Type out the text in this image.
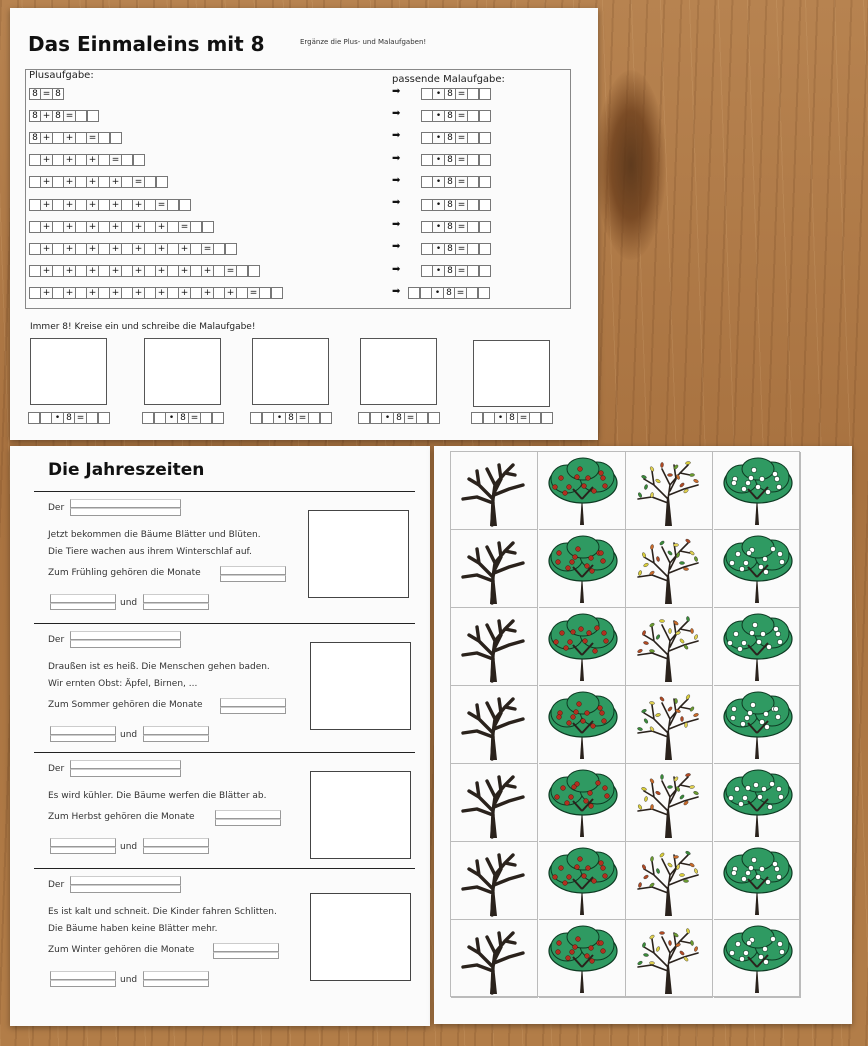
Das Einmaleins mit 8	Ergänze die Plus- und Malaufgaben!
Plusaufgabe:	passende Malaufgabe:
8 = 8	➡	• 8 =
8 + 8 =	➡	• 8 =
8 + + =	➡	• 8 =
+ + + =	➡	• 8 =
+ + + + =	➡	• 8 =
+ + + + + =	➡	• 8 =
+ + + + + + =	➡	• 8 =
+ + + + + + + =	➡	• 8 =
+ + + + + + + + =	➡	• 8 =
+ + + + + + + + + =	➡	• 8 =
Immer 8! Kreise ein und schreibe die Malaufgabe!
• 8 =	• 8 =	• 8 =	• 8 =	• 8 =
Die Jahreszeiten
Der
Jetzt bekommen die Bäume Blätter und Blüten.
Die Tiere wachen aus ihrem Winterschlaf auf.
Zum Frühling gehören die Monate
und
Der
Draußen ist es heiß. Die Menschen gehen baden.
Wir ernten Obst: Äpfel, Birnen, ...
Zum Sommer gehören die Monate
und
Der
Es wird kühler. Die Bäume werfen die Blätter ab.
Zum Herbst gehören die Monate
und
Der
Es ist kalt und schneit. Die Kinder fahren Schlitten.
Die Bäume haben keine Blätter mehr.
Zum Winter gehören die Monate
und
